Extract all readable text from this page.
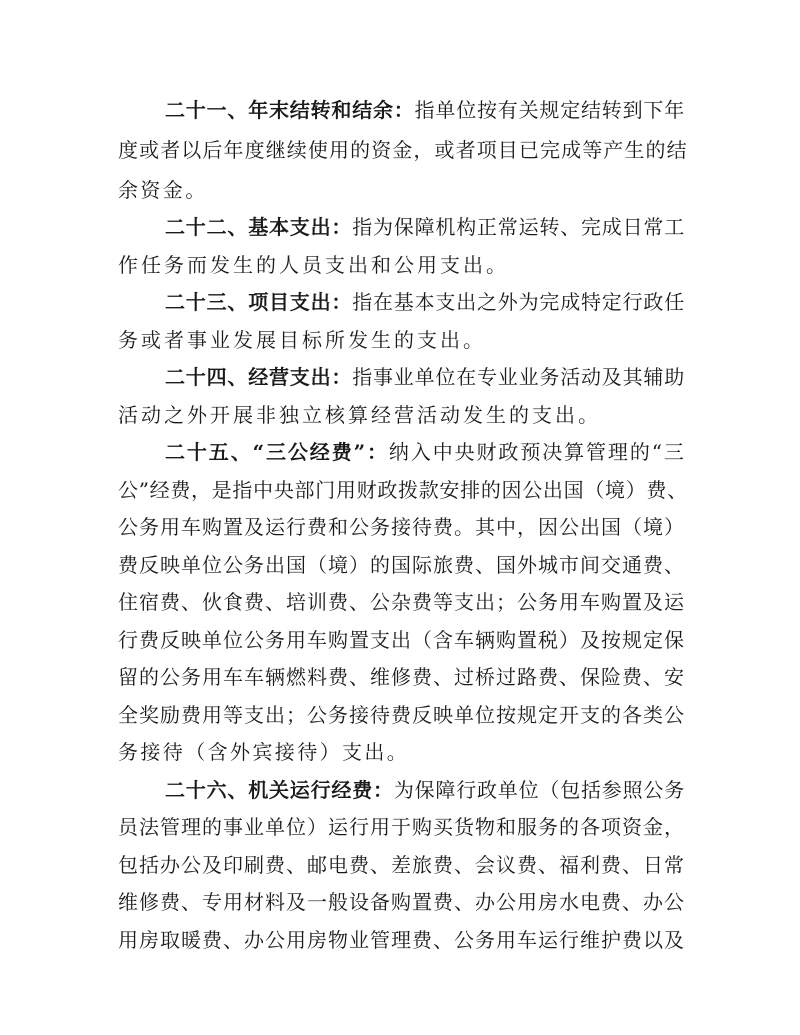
二十一、年末结转和结余：指单位按有关规定结转到下年
度或者以后年度继续使用的资金，或者项目已完成等产生的结
余资金。
二十二、基本支出：指为保障机构正常运转、完成日常工
作任务而发生的人员支出和公用支出。
二十三、项目支出：指在基本支出之外为完成特定行政任
务或者事业发展目标所发生的支出。
二十四、经营支出：指事业单位在专业业务活动及其辅助
活动之外开展非独立核算经营活动发生的支出。
二十五、“三公经费”：纳入中央财政预决算管理的“三
公”经费，是指中央部门用财政拨款安排的因公出国（境）费、
公务用车购置及运行费和公务接待费。其中，因公出国（境）
费反映单位公务出国（境）的国际旅费、国外城市间交通费、
住宿费、伙食费、培训费、公杂费等支出；公务用车购置及运
行费反映单位公务用车购置支出（含车辆购置税）及按规定保
留的公务用车车辆燃料费、维修费、过桥过路费、保险费、安
全奖励费用等支出；公务接待费反映单位按规定开支的各类公
务接待（含外宾接待）支出。
二十六、机关运行经费：为保障行政单位（包括参照公务
员法管理的事业单位）运行用于购买货物和服务的各项资金，
包括办公及印刷费、邮电费、差旅费、会议费、福利费、日常
维修费、专用材料及一般设备购置费、办公用房水电费、办公
用房取暖费、办公用房物业管理费、公务用车运行维护费以及
